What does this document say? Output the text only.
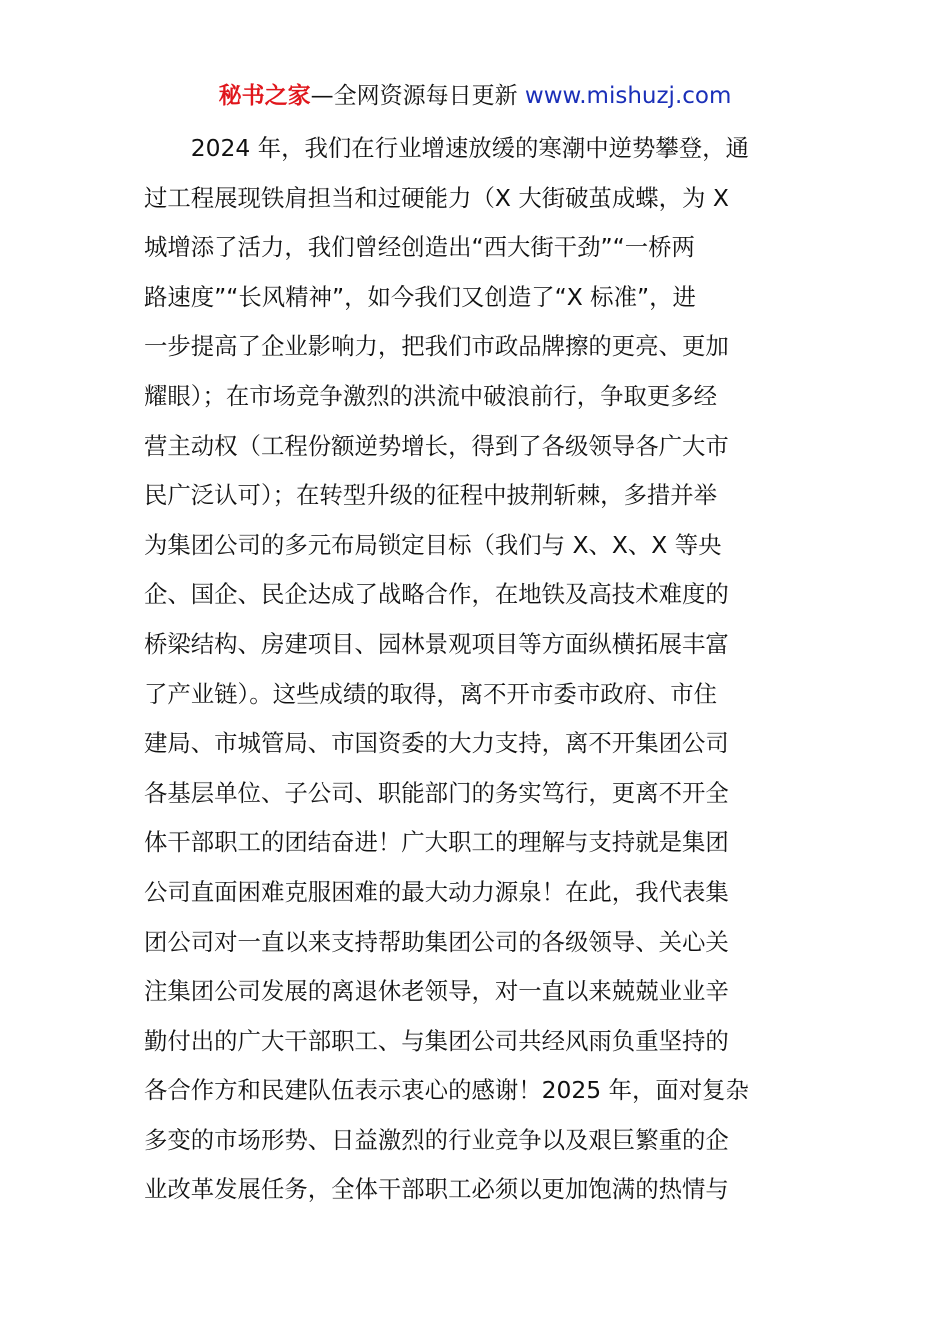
秘书之家—全网资源每日更新 www.mishuzj.com
　　2024 年，我们在行业增速放缓的寒潮中逆势攀登，通
过工程展现铁肩担当和过硬能力（X 大街破茧成蝶，为 X
城增添了活力，我们曾经创造出“西大街干劲”“一桥两
路速度”“长风精神”，如今我们又创造了“X 标准”，进
一步提高了企业影响力，把我们市政品牌擦的更亮、更加
耀眼）；在市场竞争激烈的洪流中破浪前行，争取更多经
营主动权（工程份额逆势增长，得到了各级领导各广大市
民广泛认可）；在转型升级的征程中披荆斩棘，多措并举
为集团公司的多元布局锁定目标（我们与 X、X、X 等央
企、国企、民企达成了战略合作，在地铁及高技术难度的
桥梁结构、房建项目、园林景观项目等方面纵横拓展丰富
了产业链）。这些成绩的取得，离不开市委市政府、市住
建局、市城管局、市国资委的大力支持，离不开集团公司
各基层单位、子公司、职能部门的务实笃行，更离不开全
体干部职工的团结奋进！广大职工的理解与支持就是集团
公司直面困难克服困难的最大动力源泉！在此，我代表集
团公司对一直以来支持帮助集团公司的各级领导、关心关
注集团公司发展的离退休老领导，对一直以来兢兢业业辛
勤付出的广大干部职工、与集团公司共经风雨负重坚持的
各合作方和民建队伍表示衷心的感谢！2025 年，面对复杂
多变的市场形势、日益激烈的行业竞争以及艰巨繁重的企
业改革发展任务，全体干部职工必须以更加饱满的热情与
